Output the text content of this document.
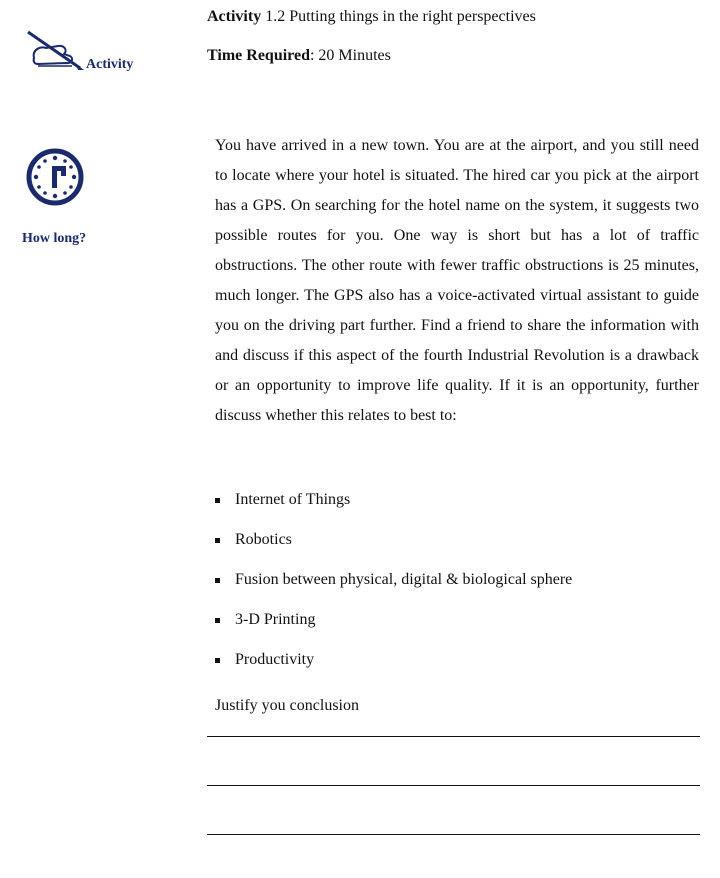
Activity
How long?
Activity 1.2 Putting things in the right perspectives
Time Required: 20 Minutes

You have arrived in a new town. You are at the airport, and you still need to locate where your hotel is situated. The hired car you pick at the airport has a GPS. On searching for the hotel name on the system, it suggests two possible routes for you. One way is short but has a lot of traffic obstructions. The other route with fewer traffic obstructions is 25 minutes, much longer. The GPS also has a voice-activated virtual assistant to guide you on the driving part further. Find a friend to share the information with and discuss if this aspect of the fourth Industrial Revolution is a drawback or an opportunity to improve life quality. If it is an opportunity, further discuss whether this relates to best to:

Internet of Things
Robotics
Fusion between physical, digital & biological sphere
3-D Printing
Productivity
Justify you conclusion
